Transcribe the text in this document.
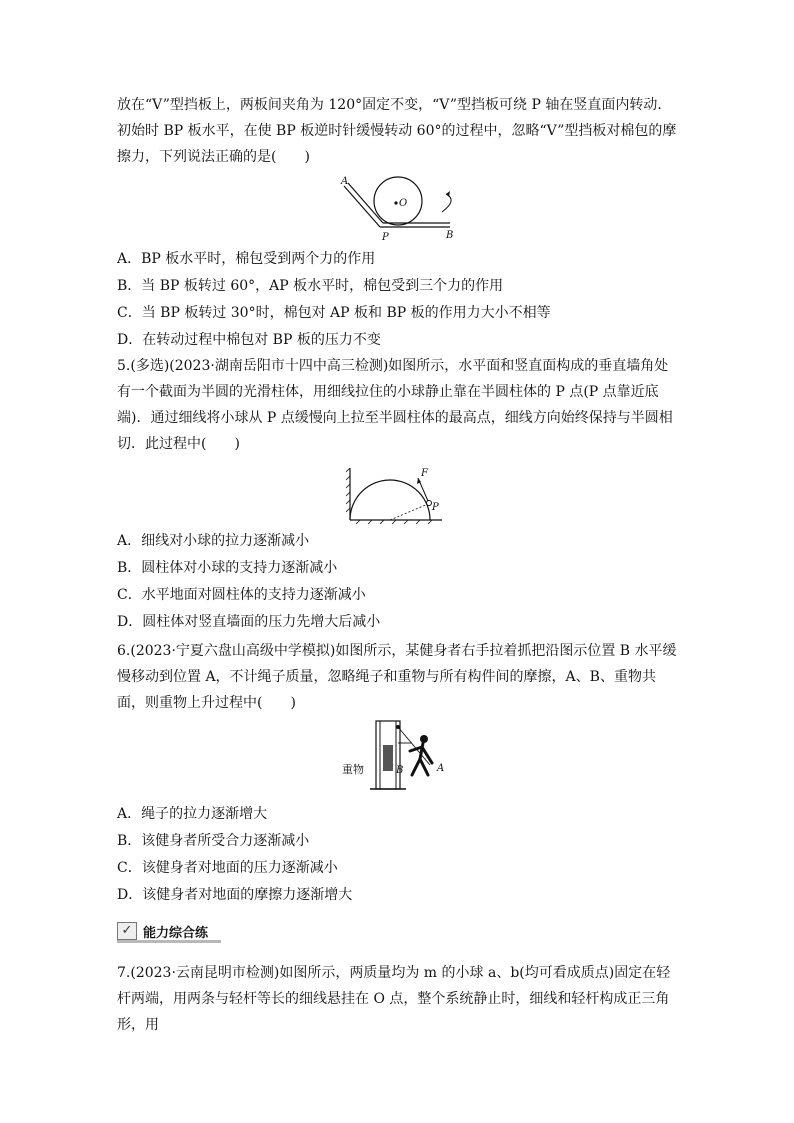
放在“V”型挡板上，两板间夹角为 120°固定不变，“V”型挡板可绕 P 轴在竖直面内转动．初始时 BP 板水平，在使 BP 板逆时针缓慢转动 60°的过程中，忽略“V”型挡板对棉包的摩擦力，下列说法正确的是(　　)

A
O
P	B

A．BP 板水平时，棉包受到两个力的作用

B．当 BP 板转过 60°，AP 板水平时，棉包受到三个力的作用

C．当 BP 板转过 30°时，棉包对 AP 板和 BP 板的作用力大小不相等

D．在转动过程中棉包对 BP 板的压力不变

5.(多选)(2023·湖南岳阳市十四中高三检测)如图所示，水平面和竖直面构成的垂直墙角处有一个截面为半圆的光滑柱体，用细线拉住的小球静止靠在半圆柱体的 P 点(P 点靠近底端)．通过细线将小球从 P 点缓慢向上拉至半圆柱体的最高点，细线方向始终保持与半圆相切．此过程中(　　)

F
P

A．细线对小球的拉力逐渐减小

B．圆柱体对小球的支持力逐渐减小

C．水平地面对圆柱体的支持力逐渐减小

D．圆柱体对竖直墙面的压力先增大后减小

6.(2023·宁夏六盘山高级中学模拟)如图所示，某健身者右手拉着抓把沿图示位置 B 水平缓慢移动到位置 A，不计绳子质量，忽略绳子和重物与所有构件间的摩擦，A、B、重物共面，则重物上升过程中(　　)

重物	B	A

A．绳子的拉力逐渐增大

B．该健身者所受合力逐渐减小

C．该健身者对地面的压力逐渐减小

D．该健身者对地面的摩擦力逐渐增大

✓ 能力综合练

7.(2023·云南昆明市检测)如图所示，两质量均为 m 的小球 a、b(均可看成质点)固定在轻杆两端，用两条与轻杆等长的细线悬挂在 O 点，整个系统静止时，细线和轻杆构成正三角形，用
